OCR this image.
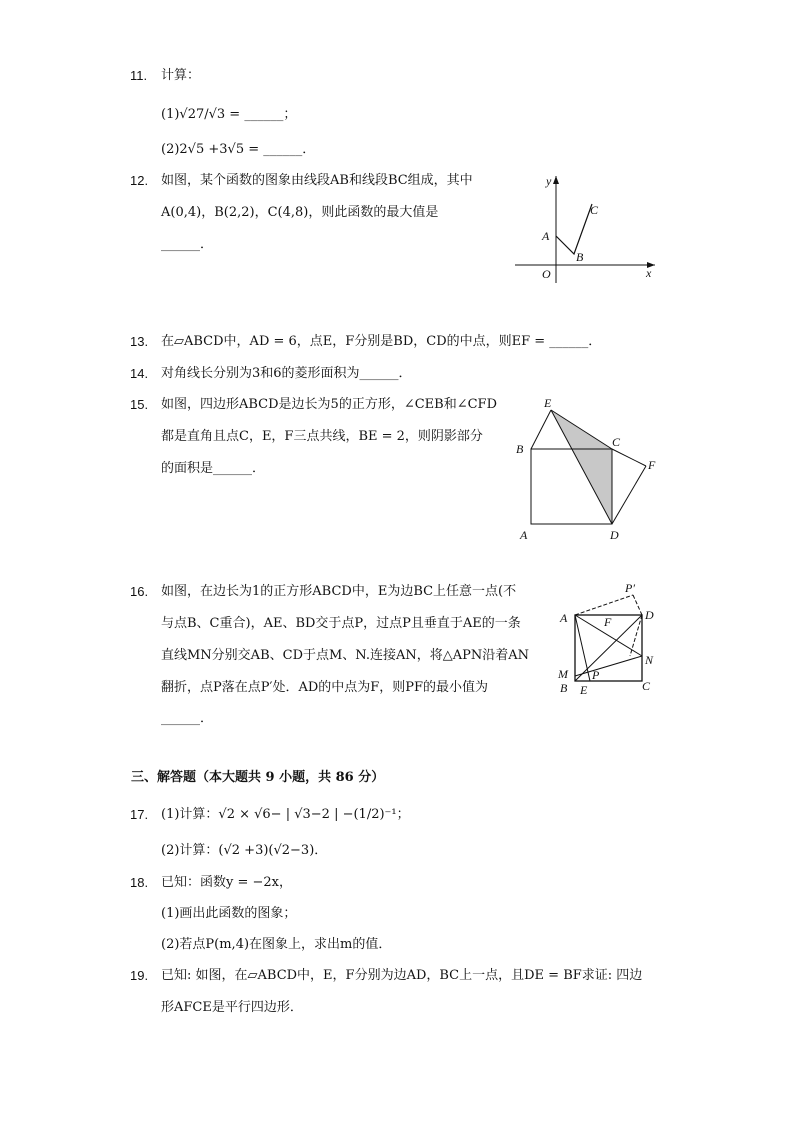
11. 计算：
(1)√27/√3 = ______；
(2)2√5 +3√5 = ______．
12. 如图，某个函数的图象由线段AB和线段BC组成，其中
A(0,4)，B(2,2)，C(4,8)，则此函数的最大值是
______．
y
x
O
A
B
C
13. 在▱ABCD中，AD = 6，点E，F分别是BD，CD的中点，则EF = ______．
14. 对角线长分别为3和6的菱形面积为______．
15. 如图，四边形ABCD是边长为5的正方形，∠CEB和∠CFD
都是直角且点C，E，F三点共线，BE = 2，则阴影部分
的面积是______．
E
C
B
F
A	D
16. 如图，在边长为1的正方形ABCD中，E为边BC上任意一点(不
与点B、C重合)，AE、BD交于点P，过点P且垂直于AE的一条
直线MN分别交AB、CD于点M、N.连接AN，将△APN沿着AN
翻折，点P落在点P′处．AD的中点为F，则PF的最小值为
______．
P′
A	D
F
N
M P
B E	C
三、解答题（本大题共 9 小题，共 86 分）
17. (1)计算：√2 × √6− | √3−2 | −(1/2)⁻¹；
(2)计算：(√2 +3)(√2−3)．
18. 已知：函数y = −2x，
(1)画出此函数的图象；
(2)若点P(m,4)在图象上，求出m的值．
19. 已知: 如图，在▱ABCD中，E，F分别为边AD，BC上一点，且DE = BF求证: 四边
形AFCE是平行四边形．
